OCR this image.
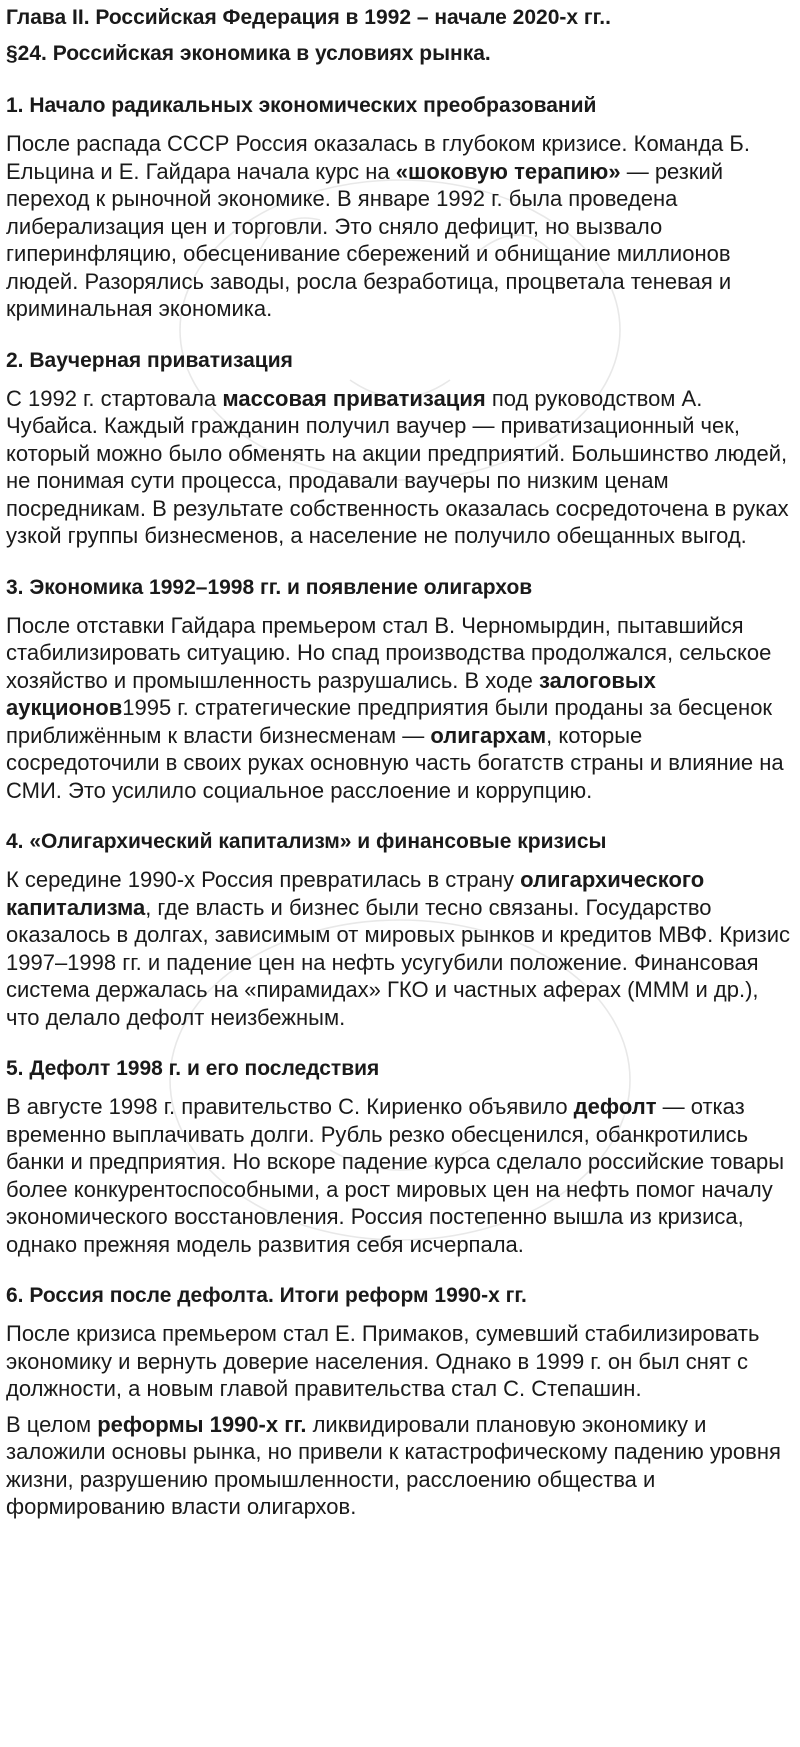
Глава II. Российская Федерация в 1992 – начале 2020-х гг..
§24. Российская экономика в условиях рынка.
1. Начало радикальных экономических преобразований

После распада СССР Россия оказалась в глубоком кризисе. Команда Б. Ельцина и Е. Гайдара начала курс на «шоковую терапию» — резкий переход к рыночной экономике. В январе 1992 г. была проведена либерализация цен и торговли. Это сняло дефицит, но вызвало гиперинфляцию, обесценивание сбережений и обнищание миллионов людей. Разорялись заводы, росла безработица, процветала теневая и криминальная экономика.

2. Ваучерная приватизация

С 1992 г. стартовала массовая приватизация под руководством А. Чубайса. Каждый гражданин получил ваучер — приватизационный чек, который можно было обменять на акции предприятий. Большинство людей, не понимая сути процесса, продавали ваучеры по низким ценам посредникам. В результате собственность оказалась сосредоточена в руках узкой группы бизнесменов, а население не получило обещанных выгод.

3. Экономика 1992–1998 гг. и появление олигархов

После отставки Гайдара премьером стал В. Черномырдин, пытавшийся стабилизировать ситуацию. Но спад производства продолжался, сельское хозяйство и промышленность разрушались. В ходе залоговых аукционов1995 г. стратегические предприятия были проданы за бесценок приближённым к власти бизнесменам — олигархам, которые сосредоточили в своих руках основную часть богатств страны и влияние на СМИ. Это усилило социальное расслоение и коррупцию.

4. «Олигархический капитализм» и финансовые кризисы

К середине 1990-х Россия превратилась в страну олигархического капитализма, где власть и бизнес были тесно связаны. Государство оказалось в долгах, зависимым от мировых рынков и кредитов МВФ. Кризис 1997–1998 гг. и падение цен на нефть усугубили положение. Финансовая система держалась на «пирамидах» ГКО и частных аферах (МММ и др.), что делало дефолт неизбежным.

5. Дефолт 1998 г. и его последствия

В августе 1998 г. правительство С. Кириенко объявило дефолт — отказ временно выплачивать долги. Рубль резко обесценился, обанкротились банки и предприятия. Но вскоре падение курса сделало российские товары более конкурентоспособными, а рост мировых цен на нефть помог началу экономического восстановления. Россия постепенно вышла из кризиса, однако прежняя модель развития себя исчерпала.

6. Россия после дефолта. Итоги реформ 1990-х гг.

После кризиса премьером стал Е. Примаков, сумевший стабилизировать экономику и вернуть доверие населения. Однако в 1999 г. он был снят с должности, а новым главой правительства стал С. Степашин.

В целом реформы 1990-х гг. ликвидировали плановую экономику и заложили основы рынка, но привели к катастрофическому падению уровня жизни, разрушению промышленности, расслоению общества и формированию власти олигархов.
